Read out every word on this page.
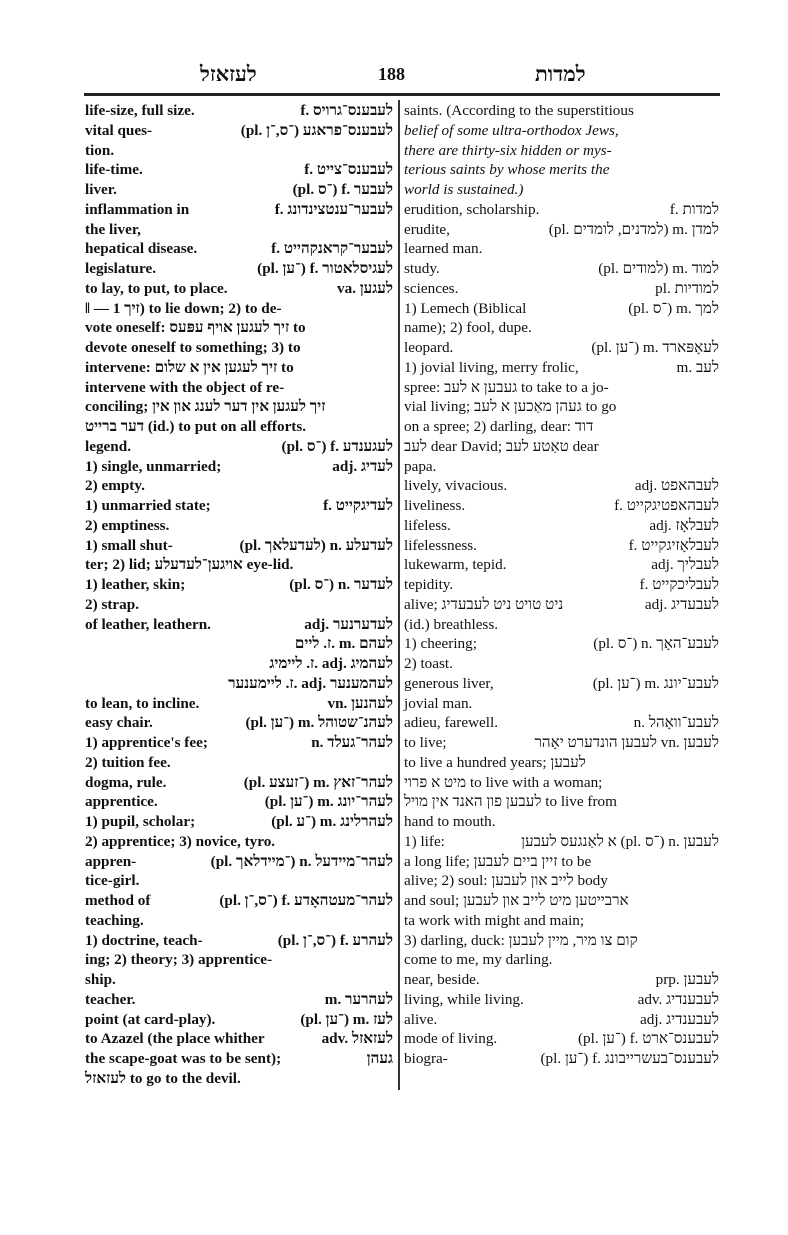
לעזאזל	188	למדות
life-size, full size.	f. לעבענס־גרויס
vital ques-	(pl. ־ס,־ן) לעבענס־פראגע
tion.
life-time.	f. לעבענס־צייט
liver.	(pl. ־ס) f. לעבער
inflammation in	f. לעבער־ענטצינדונג
the liver,
hepatical disease.	f. לעבער־קראנקהייט
legislature.	(pl. ־ען) f. לעגיסלאטור
to lay, to put, to place.	va. לעגען
‖ — זיך 1) to lie down; 2) to de-
vote oneself: זיך לעגען אויף עפּעס to
devote oneself to something; 3) to
intervene: זיך לעגען אין א שלום to
intervene with the object of re-
conciling; זיך לעגען אין דער לענג און אין
דער ברייט (id.) to put on all efforts.
legend.	(pl. ־ס) f. לעגענדע
1) single, unmarried;	adj. לעדיג
2) empty.
1) unmarried state;	f. לעדיגקייט
2) emptiness.
1) small shut-	(pl. לעדעלאך) n. לעדעלע
ter; 2) lid; אויגען־לעדעלע eye-lid.
1) leather, skin;	(pl. ־ס) n. לעדער
2) strap.
of leather, leathern.	adj. לעדערנער
ז. ליים. m. לעהם
ז. ליימיג. adj. לעהמיג
ז. ליימענער. adj. לעהמענער
to lean, to incline.	vn. לעהנען
easy chair.	(pl. ־ען) m. לעהנ־שטוהל
1) apprentice's fee;	n. לעהר־געלד
2) tuition fee.
dogma, rule.	(pl. ־זעצע) m. לעהר־זאץ
apprentice.	(pl. ־ען) m. לעהר־יונג
1) pupil, scholar;	(pl. ־ע) m. לעהרלינג
2) apprentice; 3) novice, tyro.
appren-	(pl. ־מיידלאך) n. לעהר־מיידעל
tice-girl.
method of	(pl. ־ס,־ן) f. לעהר־מעטהאָדע
teaching.
1) doctrine, teach-	(pl. ־ס,־ן) f. לעהרע
ing; 2) theory; 3) apprentice-
ship.
teacher.	m. לעהרער
point (at card-play).	(pl. ־ען) m. לעז
to Azazel (the place whither	adv. לעזאזל
the scape-goat was to be sent);	געהן
לעזאזל to go to the devil.
saints. (According to the superstitious
belief of some ultra-orthodox Jews,
there are thirty-six hidden or mys-
terious saints by whose merits the
world is sustained.)
erudition, scholarship.	f. למדות
erudite,	(pl. למדנים, לומדים) m. למדן
learned man.
study.	(pl. למודים) m. למוד
sciences.	pl. למודיות
1) Lemech (Biblical	(pl. ־ס) m. למך
name); 2) fool, dupe.
leopard.	(pl. ־ען) m. לעאָפּארד
1) jovial living, merry frolic,	m. לעב
spree: געבען א לעב to take to a jo-
vial living; געהן מאַכען א לעב to go
on a spree; 2) darling, dear: דוד
לעב dear David; טאַטע לעב dear
papa.
lively, vivacious.	adj. לעבהאפט
liveliness.	f. לעבהאפטיגקייט
lifeless.	adj. לעבלאָז
lifelessness.	f. לעבלאָזיגקייט
lukewarm, tepid.	adj. לעבליך
tepidity.	f. לעבליכקייט
alive; ניט טויט ניט לעבעדיג	adj. לעבעדיג
(id.) breathless.
1) cheering;	(pl. ־ס) n. לעבע־האָך
2) toast.
generous liver,	(pl. ־ען) m. לעבע־יונג
jovial man.
adieu, farewell.	n. לעבע־וואָהל
to live;	לעבען הונדערט יאָהר vn. לעבען
to live a hundred years; לעבען
מיט א פרוי to live with a woman;
לעבען פון האנד אין מויל to live from
hand to mouth.
1) life:	א לאַנגעס לעבען (pl. ־ס) n. לעבען
a long life; זיין ביים לעבען to be
alive; 2) soul: לייב און לעבען body
and soul; ארבייטען מיט לייב און לעבען
ta work with might and main;
3) darling, duck: קום צו מיר, מיין לעבען
come to me, my darling.
near, beside.	prp. לעבען
living, while living.	adv. לעבענדיג
alive.	adj. לעבענדיג
mode of living.	(pl. ־ען) f. לעבענס־ארט
biogra-	(pl. ־ען) f. לעבענס־בעשרייבונג
